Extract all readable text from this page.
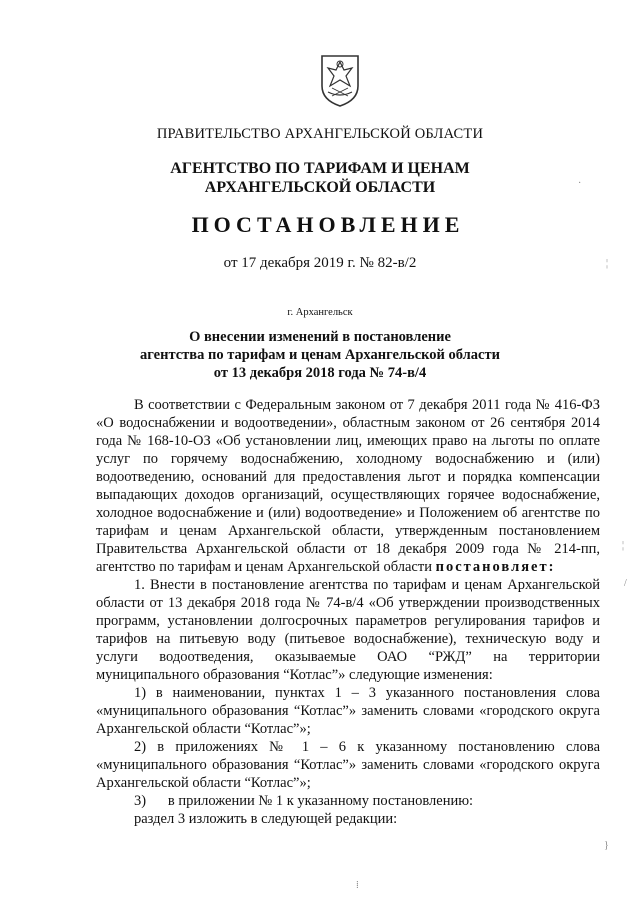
ПРАВИТЕЛЬСТВО АРХАНГЕЛЬСКОЙ ОБЛАСТИ
АГЕНТСТВО ПО ТАРИФАМ И ЦЕНАМ
АРХАНГЕЛЬСКОЙ ОБЛАСТИ
ПОСТАНОВЛЕНИЕ
от 17 декабря 2019 г. № 82-в/2
г. Архангельск
О внесении изменений в постановление
агентства по тарифам и ценам Архангельской области
от 13 декабря 2018 года № 74-в/4

В соответствии с Федеральным законом от 7 декабря 2011 года № 416-ФЗ «О водоснабжении и водоотведении», областным законом от 26 сентября 2014 года № 168-10-ОЗ «Об установлении лиц, имеющих право на льготы по оплате услуг по горячему водоснабжению, холодному водоснабжению и (или) водоотведению, оснований для предоставления льгот и порядка компенсации выпадающих доходов организаций, осуществляющих горячее водоснабжение, холодное водоснабжение и (или) водоотведение» и Положением об агентстве по тарифам и ценам Архангельской области, утвержденным постановлением Правительства Архангельской области от 18 декабря 2009 года № 214-пп, агентство по тарифам и ценам Архангельской области постановляет:

1. Внести в постановление агентства по тарифам и ценам Архангельской области от 13 декабря 2018 года № 74-в/4 «Об утверждении производственных программ, установлении долгосрочных параметров регулирования тарифов и тарифов на питьевую воду (питьевое водоснабжение), техническую воду и услуги водоотведения, оказываемые ОАО “РЖД” на территории муниципального образования “Котлас”» следующие изменения:

1) в наименовании, пунктах 1 – 3 указанного постановления слова «муниципального образования “Котлас”» заменить словами «городского округа Архангельской области “Котлас”»;

2) в приложениях № 1 – 6 к указанному постановлению слова «муниципального образования “Котлас”» заменить словами «городского округа Архангельской области “Котлас”»;

3) в приложении № 1 к указанному постановлению:

раздел 3 изложить в следующей редакции:

·
¦
¦
/
}
⁞
